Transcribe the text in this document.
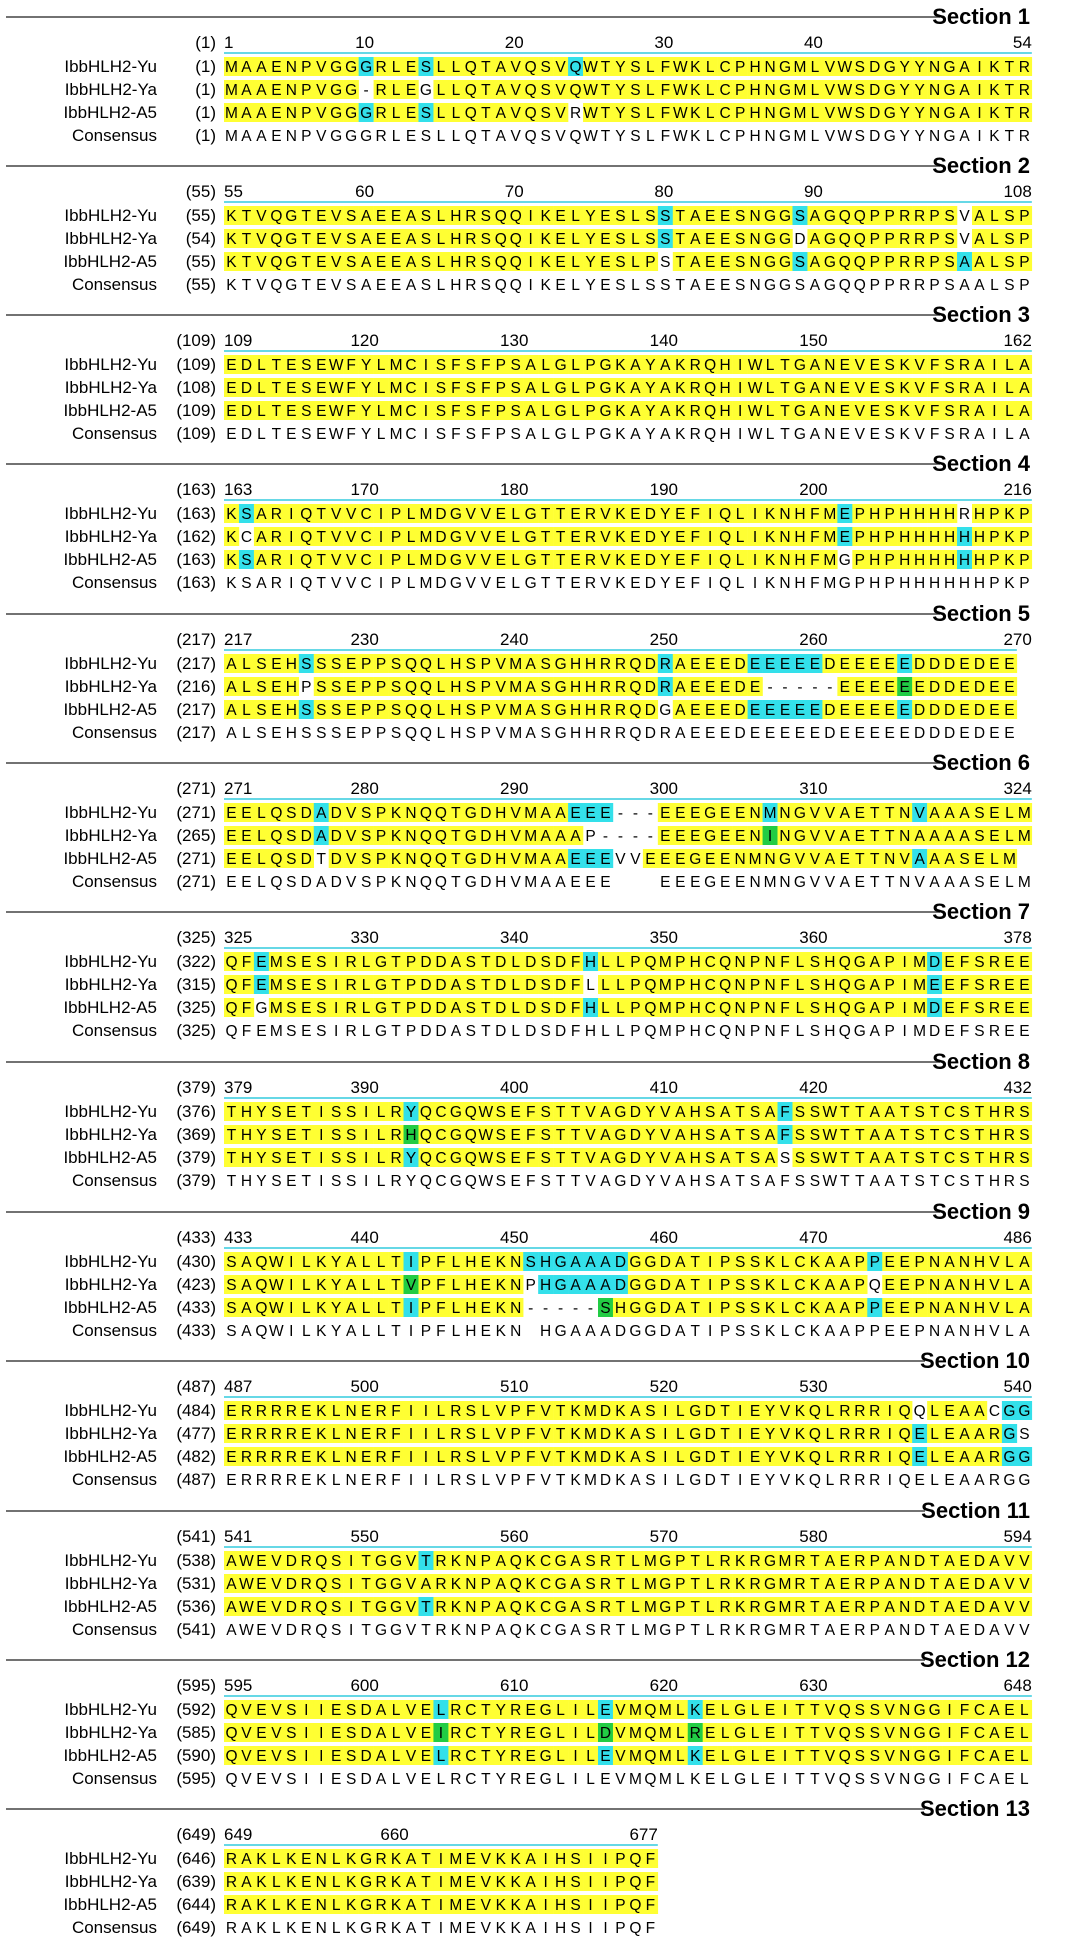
Section 1
(1) 1	10	20	30	40	54
IbbHLH2-Yu (1) M A A E N P V G G G R L E S L L Q T A V Q S V Q W T Y S L F W K L C P H N G M L V W S D G Y Y N G A I K T R
IbbHLH2-Ya (1) M A A E N P V G G - R L E G L L Q T A V Q S V Q W T Y S L F W K L C P H N G M L V W S D G Y Y N G A I K T R
IbbHLH2-A5 (1) M A A E N P V G G G R L E S L L Q T A V Q S V R W T Y S L F W K L C P H N G M L V W S D G Y Y N G A I K T R
Consensus (1) M A A E N P V G G G R L E S L L Q T A V Q S V Q W T Y S L F W K L C P H N G M L V W S D G Y Y N G A I K T R
Section 2
(55) 55	60	70	80	90	108
IbbHLH2-Yu (55) K T V Q G T E V S A E E A S L H R S Q Q I K E L Y E S L S S T A E E S N G G S A G Q Q P P R R P S V A L S P
IbbHLH2-Ya (54) K T V Q G T E V S A E E A S L H R S Q Q I K E L Y E S L S S T A E E S N G G D A G Q Q P P R R P S V A L S P
IbbHLH2-A5 (55) K T V Q G T E V S A E E A S L H R S Q Q I K E L Y E S L P S T A E E S N G G S A G Q Q P P R R P S A A L S P
Consensus (55) K T V Q G T E V S A E E A S L H R S Q Q I K E L Y E S L S S T A E E S N G G S A G Q Q P P R R P S A A L S P
Section 3
(109) 109	120	130	140	150	162
IbbHLH2-Yu (109) E D L T E S E W F Y L M C I S F S F P S A L G L P G K A Y A K R Q H I W L T G A N E V E S K V F S R A I L A
IbbHLH2-Ya (108) E D L T E S E W F Y L M C I S F S F P S A L G L P G K A Y A K R Q H I W L T G A N E V E S K V F S R A I L A
IbbHLH2-A5 (109) E D L T E S E W F Y L M C I S F S F P S A L G L P G K A Y A K R Q H I W L T G A N E V E S K V F S R A I L A
Consensus (109) E D L T E S E W F Y L M C I S F S F P S A L G L P G K A Y A K R Q H I W L T G A N E V E S K V F S R A I L A
Section 4
(163) 163	170	180	190	200	216
IbbHLH2-Yu (163) K S A R I Q T V V C I P L M D G V V E L G T T E R V K E D Y E F I Q L I K N H F M E P H P H H H H R H P K P
IbbHLH2-Ya (162) K C A R I Q T V V C I P L M D G V V E L G T T E R V K E D Y E F I Q L I K N H F M E P H P H H H H H H P K P
IbbHLH2-A5 (163) K S A R I Q T V V C I P L M D G V V E L G T T E R V K E D Y E F I Q L I K N H F M G P H P H H H H H H P K P
Consensus (163) K S A R I Q T V V C I P L M D G V V E L G T T E R V K E D Y E F I Q L I K N H F M G P H P H H H H H H P K P
Section 5
(217) 217	230	240	250	260	270
IbbHLH2-Yu (217) A L S E H S S S E P P S Q Q L H S P V M A S G H H R R Q D R A E E E D E E E E E D E E E E E D D D E D E E
IbbHLH2-Ya (216) A L S E H P S S E P P S Q Q L H S P V M A S G H H R R Q D R A E E E D E - - - - - E E E E E E D D E D E E
IbbHLH2-A5 (217) A L S E H S S S E P P S Q Q L H S P V M A S G H H R R Q D G A E E E D E E E E E D E E E E E D D D E D E E
Consensus (217) A L S E H S S S E P P S Q Q L H S P V M A S G H H R R Q D R A E E E D E E E E E D E E E E E D D D E D E E
Section 6
(271) 271	280	290	300	310	324
IbbHLH2-Yu (271) E E L Q S D A D V S P K N Q Q T G D H V M A A E E E - - - E E E G E E N M N G V V A E T T N V A A A S E L M
IbbHLH2-Ya (265) E E L Q S D A D V S P K N Q Q T G D H V M A A A P - - - - E E E G E E N I N G V V A E T T N A A A A S E L M
IbbHLH2-A5 (271) E E L Q S D T D V S P K N Q Q T G D H V M A A E E E V V E E E G E E N M N G V V A E T T N V A A A S E L M
Consensus (271) E E L Q S D A D V S P K N Q Q T G D H V M A A E E E	E E E G E E N M N G V V A E T T N V A A A S E L M
Section 7
(325) 325	330	340	350	360	378
IbbHLH2-Yu (322) Q F E M S E S I R L G T P D D A S T D L D S D F H L L P Q M P H C Q N P N F L S H Q G A P I M D E F S R E E
IbbHLH2-Ya (315) Q F E M S E S I R L G T P D D A S T D L D S D F L L L P Q M P H C Q N P N F L S H Q G A P I M E E F S R E E
IbbHLH2-A5 (325) Q F G M S E S I R L G T P D D A S T D L D S D F H L L P Q M P H C Q N P N F L S H Q G A P I M D E F S R E E
Consensus (325) Q F E M S E S I R L G T P D D A S T D L D S D F H L L P Q M P H C Q N P N F L S H Q G A P I M D E F S R E E
Section 8
(379) 379	390	400	410	420	432
IbbHLH2-Yu (376) T H Y S E T I S S I L R Y Q C G Q W S E F S T T V A G D Y V A H S A T S A F S S W T T A A T S T C S T H R S
IbbHLH2-Ya (369) T H Y S E T I S S I L R H Q C G Q W S E F S T T V A G D Y V A H S A T S A F S S W T T A A T S T C S T H R S
IbbHLH2-A5 (379) T H Y S E T I S S I L R Y Q C G Q W S E F S T T V A G D Y V A H S A T S A S S S W T T A A T S T C S T H R S
Consensus (379) T H Y S E T I S S I L R Y Q C G Q W S E F S T T V A G D Y V A H S A T S A F S S W T T A A T S T C S T H R S
Section 9
(433) 433	440	450	460	470	486
IbbHLH2-Yu (430) S A Q W I L K Y A L L T I P F L H E K N S H G A A A D G G D A T I P S S K L C K A A P P E E P N A N H V L A
IbbHLH2-Ya (423) S A Q W I L K Y A L L T V P F L H E K N P H G A A A D G G D A T I P S S K L C K A A P Q E E P N A N H V L A
IbbHLH2-A5 (433) S A Q W I L K Y A L L T I P F L H E K N - - - - - S H G G D A T I P S S K L C K A A P P E E P N A N H V L A
Consensus (433) S A Q W I L K Y A L L T I P F L H E K N H G A A A D G G D A T I P S S K L C K A A P P E E P N A N H V L A
Section 10
(487) 487	500	510	520	530	540
IbbHLH2-Yu (484) E R R R R E K L N E R F I I L R S L V P F V T K M D K A S I L G D T I E Y V K Q L R R R I Q Q L E A A C G G
IbbHLH2-Ya (477) E R R R R E K L N E R F I I L R S L V P F V T K M D K A S I L G D T I E Y V K Q L R R R I Q E L E A A R G S
IbbHLH2-A5 (482) E R R R R E K L N E R F I I L R S L V P F V T K M D K A S I L G D T I E Y V K Q L R R R I Q E L E A A R G G
Consensus (487) E R R R R E K L N E R F I I L R S L V P F V T K M D K A S I L G D T I E Y V K Q L R R R I Q E L E A A R G G
Section 11
(541) 541	550	560	570	580	594
IbbHLH2-Yu (538) A W E V D R Q S I T G G V T R K N P A Q K C G A S R T L M G P T L R K R G M R T A E R P A N D T A E D A V V
IbbHLH2-Ya (531) A W E V D R Q S I T G G V A R K N P A Q K C G A S R T L M G P T L R K R G M R T A E R P A N D T A E D A V V
IbbHLH2-A5 (536) A W E V D R Q S I T G G V T R K N P A Q K C G A S R T L M G P T L R K R G M R T A E R P A N D T A E D A V V
Consensus (541) A W E V D R Q S I T G G V T R K N P A Q K C G A S R T L M G P T L R K R G M R T A E R P A N D T A E D A V V
Section 12
(595) 595	600	610	620	630	648
IbbHLH2-Yu (592) Q V E V S I I E S D A L V E L R C T Y R E G L I L E V M Q M L K E L G L E I T T V Q S S V N G G I F C A E L
IbbHLH2-Ya (585) Q V E V S I I E S D A L V E I R C T Y R E G L I L D V M Q M L R E L G L E I T T V Q S S V N G G I F C A E L
IbbHLH2-A5 (590) Q V E V S I I E S D A L V E L R C T Y R E G L I L E V M Q M L K E L G L E I T T V Q S S V N G G I F C A E L
Consensus (595) Q V E V S I I E S D A L V E L R C T Y R E G L I L E V M Q M L K E L G L E I T T V Q S S V N G G I F C A E L
Section 13
(649) 649	660	677
IbbHLH2-Yu (646) R A K L K E N L K G R K A T I M E V K K A I H S I I P Q F
IbbHLH2-Ya (639) R A K L K E N L K G R K A T I M E V K K A I H S I I P Q F
IbbHLH2-A5 (644) R A K L K E N L K G R K A T I M E V K K A I H S I I P Q F
Consensus (649) R A K L K E N L K G R K A T I M E V K K A I H S I I P Q F
